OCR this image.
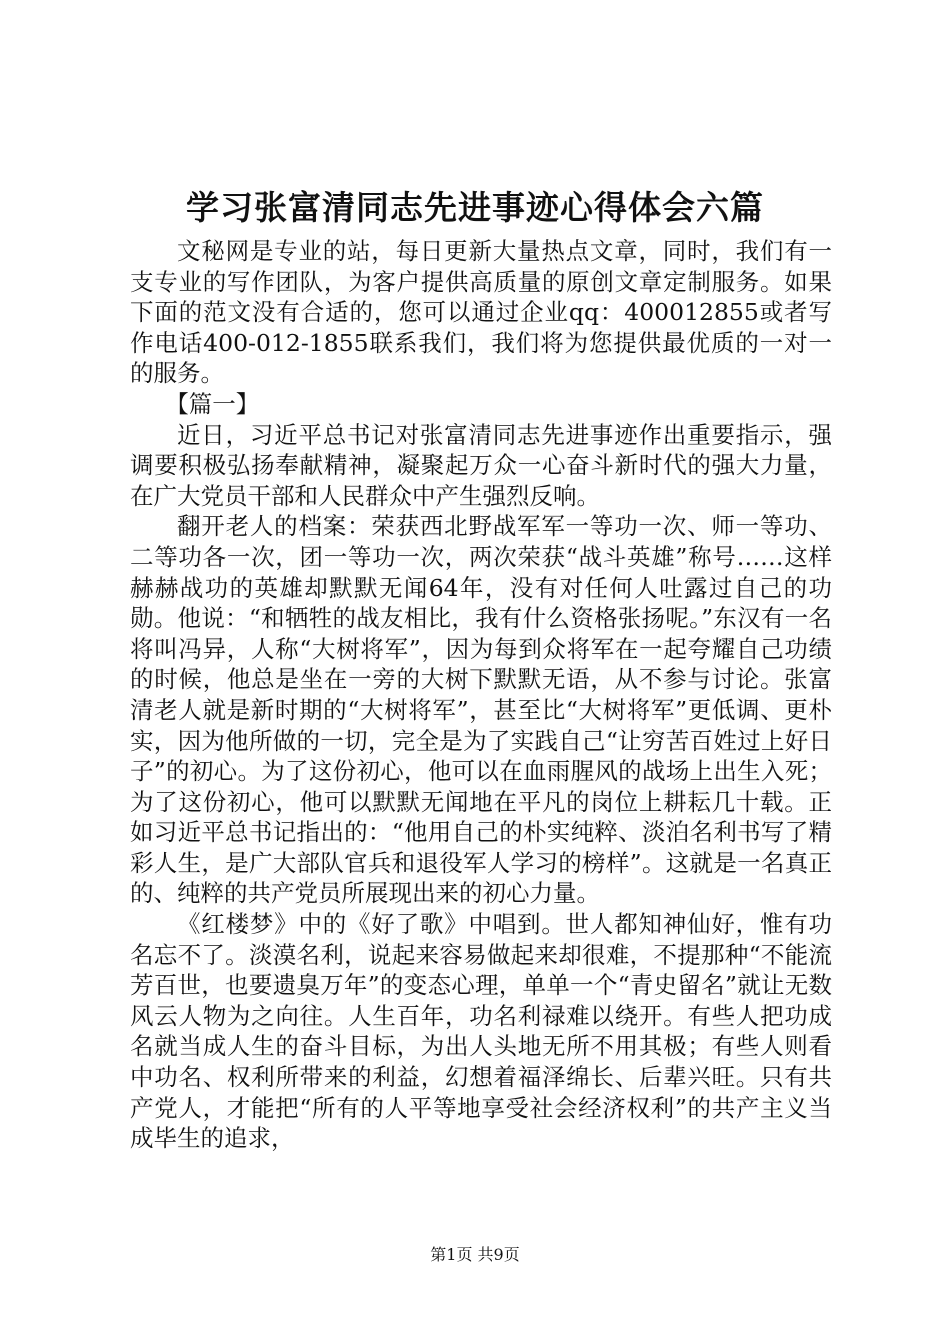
学习张富清同志先进事迹心得体会六篇

文秘网是专业的站，每日更新大量热点文章，同时，我们有一支专业的写作团队，为客户提供高质量的原创文章定制服务。如果下面的范文没有合适的，您可以通过企业qq：400012855或者写作电话400-012-1855联系我们，我们将为您提供最优质的一对一的服务。

【篇一】

近日，习近平总书记对张富清同志先进事迹作出重要指示，强调要积极弘扬奉献精神，凝聚起万众一心奋斗新时代的强大力量，在广大党员干部和人民群众中产生强烈反响。

翻开老人的档案：荣获西北野战军军一等功一次、师一等功、二等功各一次，团一等功一次，两次荣获“战斗英雄”称号……这样赫赫战功的英雄却默默无闻64年，没有对任何人吐露过自己的功勋。他说：“和牺牲的战友相比，我有什么资格张扬呢。”东汉有一名将叫冯异，人称“大树将军”，因为每到众将军在一起夸耀自己功绩的时候，他总是坐在一旁的大树下默默无语，从不参与讨论。张富清老人就是新时期的“大树将军”，甚至比“大树将军”更低调、更朴实，因为他所做的一切，完全是为了实践自己“让穷苦百姓过上好日子”的初心。为了这份初心，他可以在血雨腥风的战场上出生入死；为了这份初心，他可以默默无闻地在平凡的岗位上耕耘几十载。正如习近平总书记指出的：“他用自己的朴实纯粹、淡泊名利书写了精彩人生，是广大部队官兵和退役军人学习的榜样”。这就是一名真正的、纯粹的共产党员所展现出来的初心力量。

《红楼梦》中的《好了歌》中唱到。世人都知神仙好，惟有功名忘不了。淡漠名利，说起来容易做起来却很难，不提那种“不能流芳百世，也要遗臭万年”的变态心理，单单一个“青史留名”就让无数风云人物为之向往。人生百年，功名利禄难以绕开。有些人把功成名就当成人生的奋斗目标，为出人头地无所不用其极；有些人则看中功名、权利所带来的利益，幻想着福泽绵长、后辈兴旺。只有共产党人，才能把“所有的人平等地享受社会经济权利”的共产主义当成毕生的追求，

第1页 共9页
